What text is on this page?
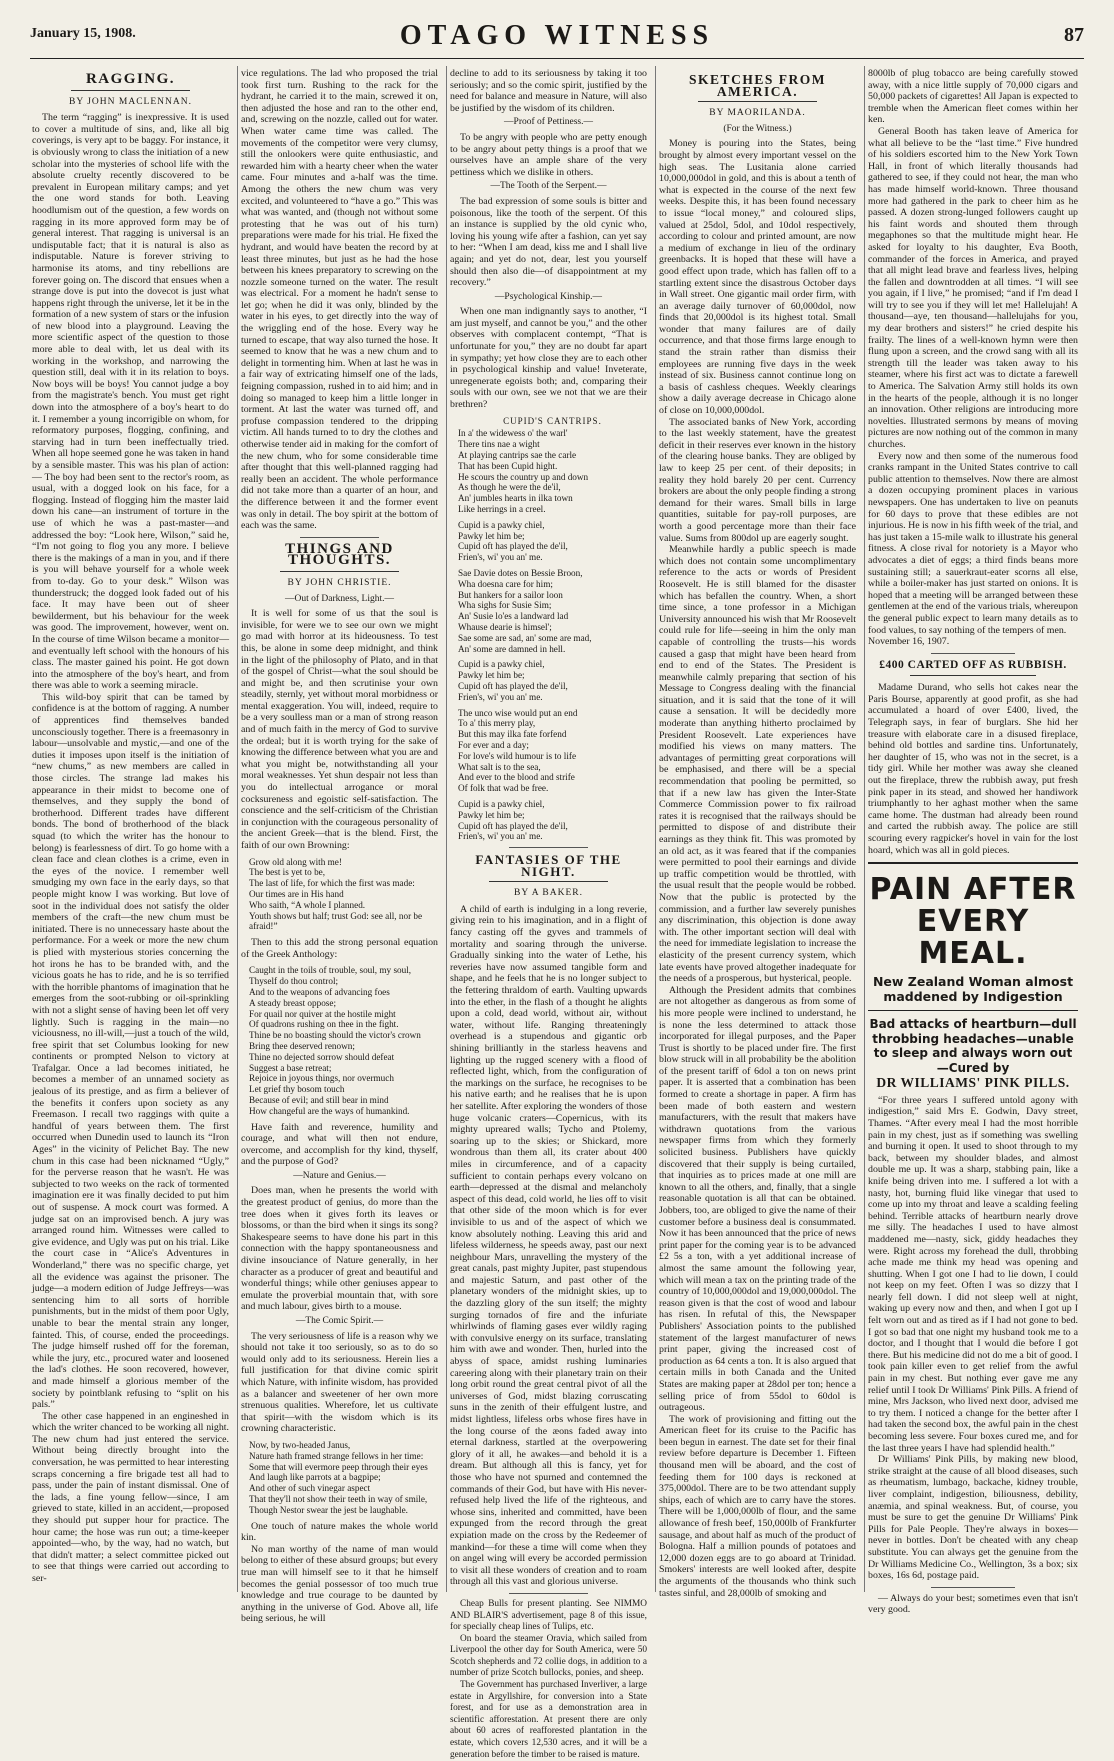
January 15, 1908.	OTAGO WITNESS	87
RAGGING.
BY JOHN MACLENNAN.

The term “ragging” is inexpressive. It is used to cover a multitude of sins, and, like all big coverings, is very apt to be baggy. For instance, it is obviously wrong to class the initiation of a new scholar into the mysteries of school life with the absolute cruelty recently discovered to be prevalent in European military camps; and yet the one word stands for both. Leaving hoodlumism out of the question, a few words on ragging in its more approved form may be of general interest. That ragging is universal is an undisputable fact; that it is natural is also as indisputable. Nature is forever striving to harmonise its atoms, and tiny rebellions are forever going on. The discord that ensues when a strange dove is put into the dovecot is just what happens right through the universe, let it be in the formation of a new system of stars or the infusion of new blood into a playground. Leaving the more scientific aspect of the question to those more able to deal with, let us deal with its working in the workshop, and narrowing the question still, deal with it in its relation to boys. Now boys will be boys! You cannot judge a boy from the magistrate's bench. You must get right down into the atmosphere of a boy's heart to do it. I remember a young incorrigible on whom, for reformatory purposes, flogging, confining, and starving had in turn been ineffectually tried. When all hope seemed gone he was taken in hand by a sensible master. This was his plan of action:— The boy had been sent to the rector's room, as usual, with a dogged look on his face, for a flogging. Instead of flogging him the master laid down his cane—an instrument of torture in the use of which he was a past-master—and addressed the boy: “Look here, Wilson,” said he, “I'm not going to flog you any more. I believe there is the makings of a man in you, and if there is you will behave yourself for a whole week from to-day. Go to your desk.” Wilson was thunderstruck; the dogged look faded out of his face. It may have been out of sheer bewilderment, but his behaviour for the week was good. The improvement, however, went on. In the course of time Wilson became a monitor—and eventually left school with the honours of his class. The master gained his point. He got down into the atmosphere of the boy's heart, and from there was able to work a seeming miracle.

This wild-boy spirit that can be tamed by confidence is at the bottom of ragging. A number of apprentices find themselves banded unconsciously together. There is a freemasonry in labour—unsolvable and mystic,—and one of the duties it imposes upon itself is the initiation of “new chums,” as new members are called in those circles. The strange lad makes his appearance in their midst to become one of themselves, and they supply the bond of brotherhood. Different trades have different bonds. The bond of brotherhood of the black squad (to which the writer has the honour to belong) is fearlessness of dirt. To go home with a clean face and clean clothes is a crime, even in the eyes of the novice. I remember well smudging my own face in the early days, so that people might know I was working. But love of soot in the individual does not satisfy the older members of the craft—the new chum must be initiated. There is no unnecessary haste about the performance. For a week or more the new chum is plied with mysterious stories concerning the hot irons he has to be branded with, and the vicious goats he has to ride, and he is so terrified with the horrible phantoms of imagination that he emerges from the soot-rubbing or oil-sprinkling with not a slight sense of having been let off very lightly. Such is ragging in the main—no viciousness, no ill-will,—just a touch of the wild, free spirit that set Columbus looking for new continents or prompted Nelson to victory at Trafalgar. Once a lad becomes initiated, he becomes a member of an unnamed society as jealous of its prestige, and as firm a believer of the benefits it confers upon society as any Freemason. I recall two raggings with quite a handful of years between them. The first occurred when Dunedin used to launch its “Iron Ages” in the vicinity of Pelichet Bay. The new chum in this case had been nicknamed “Ugly,” for the perverse reason that he wasn't. He was subjected to two weeks on the rack of tormented imagination ere it was finally decided to put him out of suspense. A mock court was formed. A judge sat on an improvised bench. A jury was arranged round him. Witnesses were called to give evidence, and Ugly was put on his trial. Like the court case in “Alice's Adventures in Wonderland,” there was no specific charge, yet all the evidence was against the prisoner. The judge—a modern edition of Judge Jeffreys—was sentencing him to all sorts of horrible punishments, but in the midst of them poor Ugly, unable to bear the mental strain any longer, fainted. This, of course, ended the proceedings. The judge himself rushed off for the foreman, while the jury, etc., procured water and loosened the lad's clothes. He soon recovered, however, and made himself a glorious member of the society by pointblank refusing to “split on his pals.”

The other case happened in an engineshed in which the writer chanced to be working all night. The new chum had just entered the service. Without being directly brought into the conversation, he was permitted to hear interesting scraps concerning a fire brigade test all had to pass, under the pain of instant dismissal. One of the lads, a fine young fellow—since, I am grieved to state, killed in an accident,—proposed they should put supper hour for practice. The hour came; the hose was run out; a time-keeper appointed—who, by the way, had no watch, but that didn't matter; a select committee picked out to see that things were carried out according to ser-

vice regulations. The lad who proposed the trial took first turn. Rushing to the rack for the hydrant, he carried it to the main, screwed it on, then adjusted the hose and ran to the other end, and, screwing on the nozzle, called out for water. When water came time was called. The movements of the competitor were very clumsy, still the onlookers were quite enthusiastic, and rewarded him with a hearty cheer when the water came. Four minutes and a-half was the time. Among the others the new chum was very excited, and volunteered to “have a go.” This was what was wanted, and (though not without some protesting that he was out of his turn) preparations were made for his trial. He fixed the hydrant, and would have beaten the record by at least three minutes, but just as he had the hose between his knees preparatory to screwing on the nozzle someone turned on the water. The result was electrical. For a moment he hadn't sense to let go; when he did it was only, blinded by the water in his eyes, to get directly into the way of the wriggling end of the hose. Every way he turned to escape, that way also turned the hose. It seemed to know that he was a new chum and to delight in tormenting him. When at last he was in a fair way of extricating himself one of the lads, feigning compassion, rushed in to aid him; and in doing so managed to keep him a little longer in torment. At last the water was turned off, and profuse compassion tendered to the dripping victim. All hands turned to to dry the clothes and otherwise tender aid in making for the comfort of the new chum, who for some considerable time after thought that this well-planned ragging had really been an accident. The whole performance did not take more than a quarter of an hour, and the difference between it and the former event was only in detail. The boy spirit at the bottom of each was the same.

THINGS AND THOUGHTS.
BY JOHN CHRISTIE.
—Out of Darkness, Light.—

It is well for some of us that the soul is invisible, for were we to see our own we might go mad with horror at its hideousness. To test this, be alone in some deep midnight, and think in the light of the philosophy of Plato, and in that of the gospel of Christ—what the soul should be and might be, and then scrutinise your own steadily, sternly, yet without moral morbidness or mental exaggeration. You will, indeed, require to be a very soulless man or a man of strong reason and of much faith in the mercy of God to survive the ordeal; but it is worth trying for the sake of knowing the difference between what you are and what you might be, notwithstanding all your moral weaknesses. Yet shun despair not less than you do intellectual arrogance or moral cocksureness and egoistic self-satisfaction. The conscience and the self-criticism of the Christian in conjunction with the courageous personality of the ancient Greek—that is the blend. First, the faith of our own Browning:

Grow old along with me!
The best is yet to be,
The last of life, for which the first was made:
Our times are in His hand
Who saith, “A whole I planned.
Youth shows but half; trust God: see all, nor be afraid!”

Then to this add the strong personal equation of the Greek Anthology:

Caught in the toils of trouble, soul, my soul,
Thyself do thou control;
And to the weapons of advancing foes
A steady breast oppose;
For quail nor quiver at the hostile might
Of quadrons rushing on thee in the fight.
Thine be no boasting should the victor's crown
Bring thee deserved renown;
Thine no dejected sorrow should defeat
Suggest a base retreat;
Rejoice in joyous things, nor overmuch
Let grief thy bosom touch
Because of evil; and still bear in mind
How changeful are the ways of humankind.

Have faith and reverence, humility and courage, and what will then not endure, overcome, and accomplish for thy kind, thyself, and the purpose of God?

—Nature and Genius.—

Does man, when he presents the world with the greatest product of genius, do more than the tree does when it gives forth its leaves or blossoms, or than the bird when it sings its song? Shakespeare seems to have done his part in this connection with the happy spontaneousness and divine insouciance of Nature generally, in her character as a producer of great and beautiful and wonderful things; while other geniuses appear to emulate the proverbial mountain that, with sore and much labour, gives birth to a mouse.

—The Comic Spirit.—

The very seriousness of life is a reason why we should not take it too seriously, so as to do so would only add to its seriousness. Herein lies a full justification for that divine comic spirit which Nature, with infinite wisdom, has provided as a balancer and sweetener of her own more strenuous qualities. Wherefore, let us cultivate that spirit—with the wisdom which is its crowning characteristic.

Now, by two-headed Janus,
Nature hath framed strange fellows in her time:
Some that will evermore peep through their eyes
And laugh like parrots at a bagpipe;
And other of such vinegar aspect
That they'll not show their teeth in way of smile,
Though Nestor swear the jest be laughable.

One touch of nature makes the whole world kin.

No man worthy of the name of man would belong to either of these absurd groups; but every true man will himself see to it that he himself becomes the genial possessor of too much true knowledge and true courage to be daunted by anything in the universe of God. Above all, life being serious, he will

decline to add to its seriousness by taking it too seriously; and so the comic spirit, justified by the need for balance and measure in Nature, will also be justified by the wisdom of its children.

—Proof of Pettiness.—

To be angry with people who are petty enough to be angry about petty things is a proof that we ourselves have an ample share of the very pettiness which we dislike in others.

—The Tooth of the Serpent.—

The bad expression of some souls is bitter and poisonous, like the tooth of the serpent. Of this an instance is supplied by the old cynic who, loving his young wife after a fashion, can yet say to her: “When I am dead, kiss me and I shall live again; and yet do not, dear, lest you yourself should then also die—of disappointment at my recovery.”

—Psychological Kinship.—

When one man indignantly says to another, “I am just myself, and cannot be you,” and the other observes with complacent contempt, “That is unfortunate for you,” they are no doubt far apart in sympathy; yet how close they are to each other in psychological kinship and value! Inveterate, unregenerate egoists both; and, comparing their souls with our own, see we not that we are their brethren?

CUPID'S CANTRIPS.
In a' the widewess o' the warl'
There tins nae a wight
At playing cantrips sae the carle
That has been Cupid hight.
He scours the country up and down
As though he were the de'il,
An' jumbles hearts in ilka town
Like herrings in a creel.
Cupid is a pawky chiel,
Pawky let him be;
Cupid oft has played the de'il,
Frien's, wi' you an' me.
Sae Davie dotes on Bessie Broon,
Wha doesna care for him;
But hankers for a sailor loon
Wha sighs for Susie Sim;
An' Susie lo'es a landward lad
Whause dearie is himsel';
Sae some are sad, an' some are mad,
An' some are damned in hell.
Cupid is a pawky chiel,
Pawky let him be;
Cupid oft has played the de'il,
Frien's, wi' you an' me.
The unco wise would put an end
To a' this merry play,
But this may ilka fate forfend
For ever and a day;
For love's wild humour is to life
What salt is to the sea,
And ever to the blood and strife
Of folk that wad be free.
Cupid is a pawky chiel,
Pawky let him be;
Cupid oft has played the de'il,
Frien's, wi' you an' me.
FANTASIES OF THE NIGHT.
BY A BAKER.

A child of earth is indulging in a long reverie, giving rein to his imagination, and in a flight of fancy casting off the gyves and trammels of mortality and soaring through the universe. Gradually sinking into the water of Lethe, his reveries have now assumed tangible form and shape, and he feels that he is no longer subject to the fettering thraldom of earth. Vaulting upwards into the ether, in the flash of a thought he alights upon a cold, dead world, without air, without water, without life. Ranging threateningly overhead is a stupendous and gigantic orb shining brilliantly in the starless heavens and lighting up the rugged scenery with a flood of reflected light, which, from the configuration of the markings on the surface, he recognises to be his native earth; and he realises that he is upon her satellite. After exploring the wonders of those huge volcanic craters—Copernicus, with its mighty upreared walls; Tycho and Ptolemy, soaring up to the skies; or Shickard, more wondrous than them all, its crater about 400 miles in circumference, and of a capacity sufficient to contain perhaps every volcano on earth—depressed at the dismal and melancholy aspect of this dead, cold world, he lies off to visit that other side of the moon which is for ever invisible to us and of the aspect of which we know absolutely nothing. Leaving this arid and lifeless wilderness, he speeds away, past our next neighbour Mars, unravelling the mystery of the great canals, past mighty Jupiter, past stupendous and majestic Saturn, and past other of the planetary wonders of the midnight skies, up to the dazzling glory of the sun itself; the mighty surging tornados of fire and the infuriate whirlwinds of flaming gases ever wildly raging with convulsive energy on its surface, translating him with awe and wonder. Then, hurled into the abyss of space, amidst rushing luminaries careering along with their planetary train on their long orbit round the great central pivot of all the universes of God, midst blazing corruscating suns in the zenith of their effulgent lustre, and midst lightless, lifeless orbs whose fires have in the long course of the æons faded away into eternal darkness, startled at the overpowering glory of it all, he awakes—and behold it is a dream. But although all this is fancy, yet for those who have not spurned and contemned the commands of their God, but have with His never-refused help lived the life of the righteous, and whose sins, inherited and committed, have been expunged from the record through the great expiation made on the cross by the Redeemer of mankind—for these a time will come when they on angel wing will every be accorded permission to visit all these wonders of creation and to roam through all this vast and glorious universe.

Cheap Bulls for present planting. See NIMMO AND BLAIR'S advertisement, page 8 of this issue, for specially cheap lines of Tulips, etc.

On board the steamer Oravia, which sailed from Liverpool the other day for South America, were 50 Scotch shepherds and 72 collie dogs, in addition to a number of prize Scotch bullocks, ponies, and sheep.

The Government has purchased Inverliver, a large estate in Argyllshire, for conversion into a State forest, and for use as a demonstration area in scientific afforestation. At present there are only about 60 acres of reafforested plantation in the estate, which covers 12,530 acres, and it will be a generation before the timber to be raised is mature.

SKETCHES FROM AMERICA.
BY MAORILANDA.
(For the Witness.)

Money is pouring into the States, being brought by almost every important vessel on the high seas. The Lusitania alone carried 10,000,000dol in gold, and this is about a tenth of what is expected in the course of the next few weeks. Despite this, it has been found necessary to issue “local money,” and coloured slips, valued at 25dol, 5dol, and 10dol respectively, according to colour and printed amount, are now a medium of exchange in lieu of the ordinary greenbacks. It is hoped that these will have a good effect upon trade, which has fallen off to a startling extent since the disastrous October days in Wall street. One gigantic mail order firm, with an average daily turnover of 60,000dol, now finds that 20,000dol is its highest total. Small wonder that many failures are of daily occurrence, and that those firms large enough to stand the strain rather than dismiss their employees are running five days in the week instead of six. Business cannot continue long on a basis of cashless cheques. Weekly clearings show a daily average decrease in Chicago alone of close on 10,000,000dol.

The associated banks of New York, according to the last weekly statement, have the greatest deficit in their reserves ever known in the history of the clearing house banks. They are obliged by law to keep 25 per cent. of their deposits; in reality they hold barely 20 per cent. Currency brokers are about the only people finding a strong demand for their wares. Small bills in large quantities, suitable for pay-roll purposes, are worth a good percentage more than their face value. Sums from 800dol up are eagerly sought.

Meanwhile hardly a public speech is made which does not contain some uncomplimentary reference to the acts or words of President Roosevelt. He is still blamed for the disaster which has befallen the country. When, a short time since, a tone professor in a Michigan University announced his wish that Mr Roosevelt could rule for life—seeing in him the only man capable of controlling the trusts—his words caused a gasp that might have been heard from end to end of the States. The President is meanwhile calmly preparing that section of his Message to Congress dealing with the financial situation, and it is said that the tone of it will cause a sensation. It will be decidedly more moderate than anything hitherto proclaimed by President Roosevelt. Late experiences have modified his views on many matters. The advantages of permitting great corporations will be emphasised, and there will be a special recommendation that pooling be permitted, so that if a new law has given the Inter-State Commerce Commission power to fix railroad rates it is recognised that the railways should be permitted to dispose of and distribute their earnings as they think fit. This was promoted by an old act, as it was feared that if the companies were permitted to pool their earnings and divide up traffic competition would be throttled, with the usual result that the people would be robbed. Now that the public is protected by the commission, and a further law severely punishes any discrimination, this objection is done away with. The other important section will deal with the need for immediate legislation to increase the elasticity of the present currency system, which late events have proved altogether inadequate for the needs of a prosperous, but hysterical, people.

Although the President admits that combines are not altogether as dangerous as from some of his more people were inclined to understand, he is none the less determined to attack those incorporated for illegal purposes, and the Paper Trust is shortly to be placed under fire. The first blow struck will in all probability be the abolition of the present tariff of 6dol a ton on news print paper. It is asserted that a combination has been formed to create a shortage in paper. A firm has been made of both eastern and western manufacturers, with the result that makers have withdrawn quotations from the various newspaper firms from which they formerly solicited business. Publishers have quickly discovered that their supply is being curtailed, that inquiries as to prices made at one mill are known to all the others, and, finally, that a single reasonable quotation is all that can be obtained. Jobbers, too, are obliged to give the name of their customer before a business deal is consummated. Now it has been announced that the price of news print paper for the coming year is to be advanced £2 5s a ton, with a yet additional increase of almost the same amount the following year, which will mean a tax on the printing trade of the country of 10,000,000dol and 19,000,000dol. The reason given is that the cost of wood and labour has risen. In refutal of this, the Newspaper Publishers' Association points to the published statement of the largest manufacturer of news print paper, giving the increased cost of production as 64 cents a ton. It is also argued that certain mills in both Canada and the United States are making paper at 28dol per ton; hence a selling price of from 55dol to 60dol is outrageous.

The work of provisioning and fitting out the American fleet for its cruise to the Pacific has been begun in earnest. The date set for their final review before departure is December 1. Fifteen thousand men will be aboard, and the cost of feeding them for 100 days is reckoned at 375,000dol. There are to be two attendant supply ships, each of which are to carry have the stores. There will be 1,000,000lb of flour, and the same allowance of fresh beef, 150,000lb of Frankfurter sausage, and about half as much of the product of Bologna. Half a million pounds of potatoes and 12,000 dozen eggs are to go aboard at Trinidad. Smokers' interests are well looked after, despite the arguments of the thousands who think such tastes sinful, and 28,000lb of smoking and

8000lb of plug tobacco are being carefully stowed away, with a nice little supply of 70,000 cigars and 50,000 packets of cigarettes! All Japan is expected to tremble when the American fleet comes within her ken.

General Booth has taken leave of America for what all believe to be the “last time.” Five hundred of his soldiers escorted him to the New York Town Hall, in front of which literally thousands had gathered to see, if they could not hear, the man who has made himself world-known. Three thousand more had gathered in the park to cheer him as he passed. A dozen strong-lunged followers caught up his faint words and shouted them through megaphones so that the multitude might hear. He asked for loyalty to his daughter, Eva Booth, commander of the forces in America, and prayed that all might lead brave and fearless lives, helping the fallen and downtrodden at all times. “I will see you again, if I live,” he promised; “and if I'm dead I will try to see you if they will let me! Hallelujah! A thousand—aye, ten thousand—hallelujahs for you, my dear brothers and sisters!” he cried despite his frailty. The lines of a well-known hymn were then flung upon a screen, and the crowd sang with all its strength till the leader was taken away to his steamer, where his first act was to dictate a farewell to America. The Salvation Army still holds its own in the hearts of the people, although it is no longer an innovation. Other religions are introducing more novelties. Illustrated sermons by means of moving pictures are now nothing out of the common in many churches.

Every now and then some of the numerous food cranks rampant in the United States contrive to call public attention to themselves. Now there are almost a dozen occupying prominent places in various newspapers. One has undertaken to live on peanuts for 60 days to prove that these edibles are not injurious. He is now in his fifth week of the trial, and has just taken a 15-mile walk to illustrate his general fitness. A close rival for notoriety is a Mayor who advocates a diet of eggs; a third finds beans more sustaining still; a sauerkraut-eater scorns all else, while a boiler-maker has just started on onions. It is hoped that a meeting will be arranged between these gentlemen at the end of the various trials, whereupon the general public expect to learn many details as to food values, to say nothing of the tempers of men.

November 16, 1907.

£400 CARTED OFF AS RUBBISH.

Madame Durand, who sells hot cakes near the Paris Bourse, apparently at good profit, as she had accumulated a hoard of over £400, lived, the Telegraph says, in fear of burglars. She hid her treasure with elaborate care in a disused fireplace, behind old bottles and sardine tins. Unfortunately, her daughter of 15, who was not in the secret, is a tidy girl. While her mother was away she cleaned out the fireplace, threw the rubbish away, put fresh pink paper in its stead, and showed her handiwork triumphantly to her aghast mother when the same came home. The dustman had already been round and carted the rubbish away. The police are still scouring every ragpicker's hovel in vain for the lost hoard, which was all in gold pieces.

PAIN AFTER EVERY MEAL.
New Zealand Woman almost maddened by Indigestion
Bad attacks of heartburn—dull throbbing headaches—unable to sleep and always worn out —Cured by
DR WILLIAMS' PINK PILLS.

“For three years I suffered untold agony with indigestion,” said Mrs E. Godwin, Davy street, Thames. “After every meal I had the most horrible pain in my chest, just as if something was swelling and burning it open. It used to shoot through to my back, between my shoulder blades, and almost double me up. It was a sharp, stabbing pain, like a knife being driven into me. I suffered a lot with a nasty, hot, burning fluid like vinegar that used to come up into my throat and leave a scalding feeling behind. Terrible attacks of heartburn nearly drove me silly. The headaches I used to have almost maddened me—nasty, sick, giddy headaches they were. Right across my forehead the dull, throbbing ache made me think my head was opening and shutting. When I got one I had to lie down, I could not keep on my feet. Often I was so dizzy that I nearly fell down. I did not sleep well at night, waking up every now and then, and when I got up I felt worn out and as tired as if I had not gone to bed. I got so bad that one night my husband took me to a doctor, and I thought that I would die before I got there. But his medicine did not do me a bit of good. I took pain killer even to get relief from the awful pain in my chest. But nothing ever gave me any relief until I took Dr Williams' Pink Pills. A friend of mine, Mrs Jackson, who lived next door, advised me to try them. I noticed a change for the better after I had taken the second box, the awful pain in the chest becoming less severe. Four boxes cured me, and for the last three years I have had splendid health.”

Dr Williams' Pink Pills, by making new blood, strike straight at the cause of all blood diseases, such as rheumatism, lumbago, backache, kidney trouble, liver complaint, indigestion, biliousness, debility, anæmia, and spinal weakness. But, of course, you must be sure to get the genuine Dr Williams' Pink Pills for Pale People. They're always in boxes—never in bottles. Don't be cheated with any cheap substitute. You can always get the genuine from the Dr Williams Medicine Co., Wellington, 3s a box; six boxes, 16s 6d, postage paid.

— Always do your best; sometimes even that isn't very good.
